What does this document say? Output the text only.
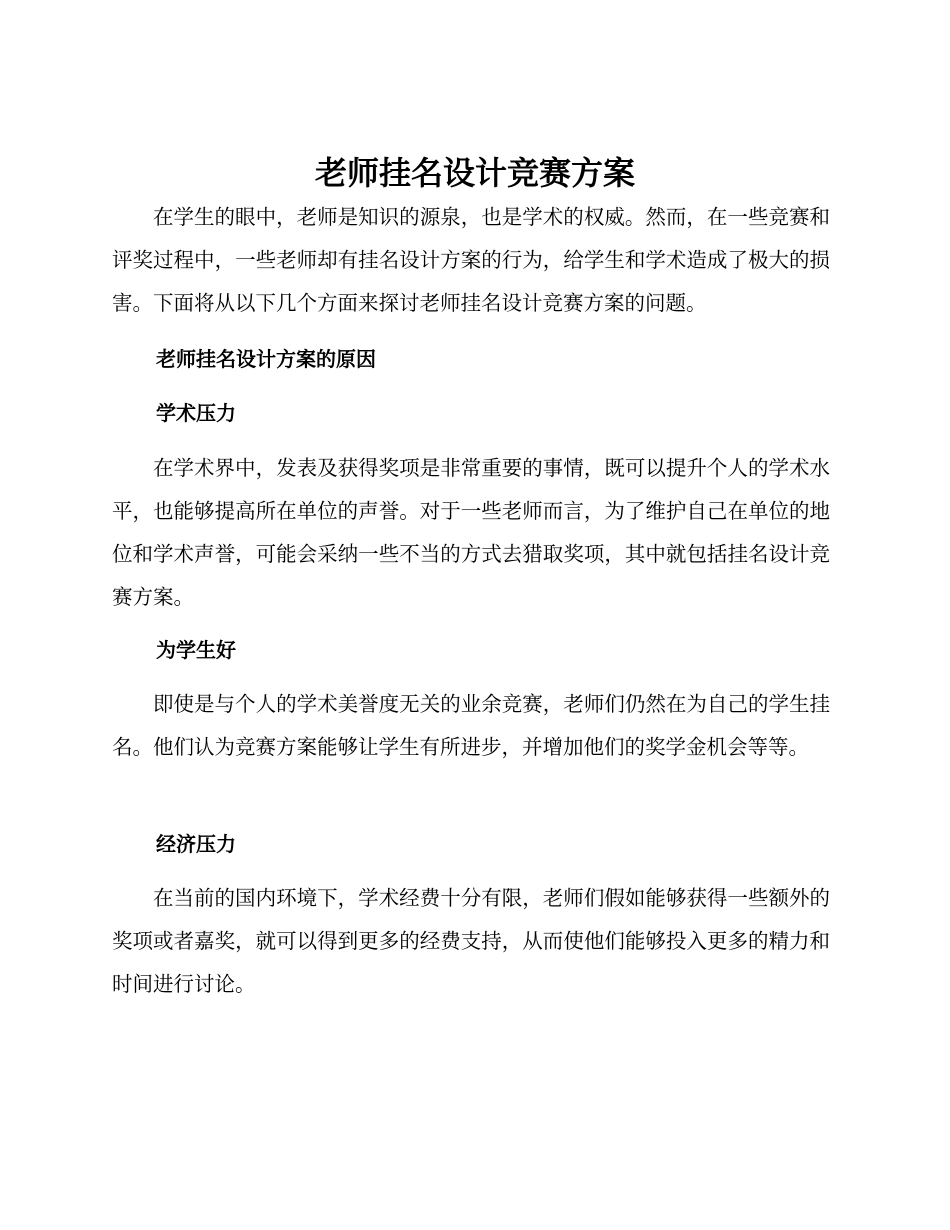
老师挂名设计竞赛方案

在学生的眼中，老师是知识的源泉，也是学术的权威。然而，在一些竞赛和评奖过程中，一些老师却有挂名设计方案的行为，给学生和学术造成了极大的损害。下面将从以下几个方面来探讨老师挂名设计竞赛方案的问题。

老师挂名设计方案的原因
学术压力

在学术界中，发表及获得奖项是非常重要的事情，既可以提升个人的学术水平，也能够提高所在单位的声誉。对于一些老师而言，为了维护自己在单位的地位和学术声誉，可能会采纳一些不当的方式去猎取奖项，其中就包括挂名设计竞赛方案。

为学生好

即使是与个人的学术美誉度无关的业余竞赛，老师们仍然在为自己的学生挂名。他们认为竞赛方案能够让学生有所进步，并增加他们的奖学金机会等等。

经济压力

在当前的国内环境下，学术经费十分有限，老师们假如能够获得一些额外的奖项或者嘉奖，就可以得到更多的经费支持，从而使他们能够投入更多的精力和时间进行讨论。
